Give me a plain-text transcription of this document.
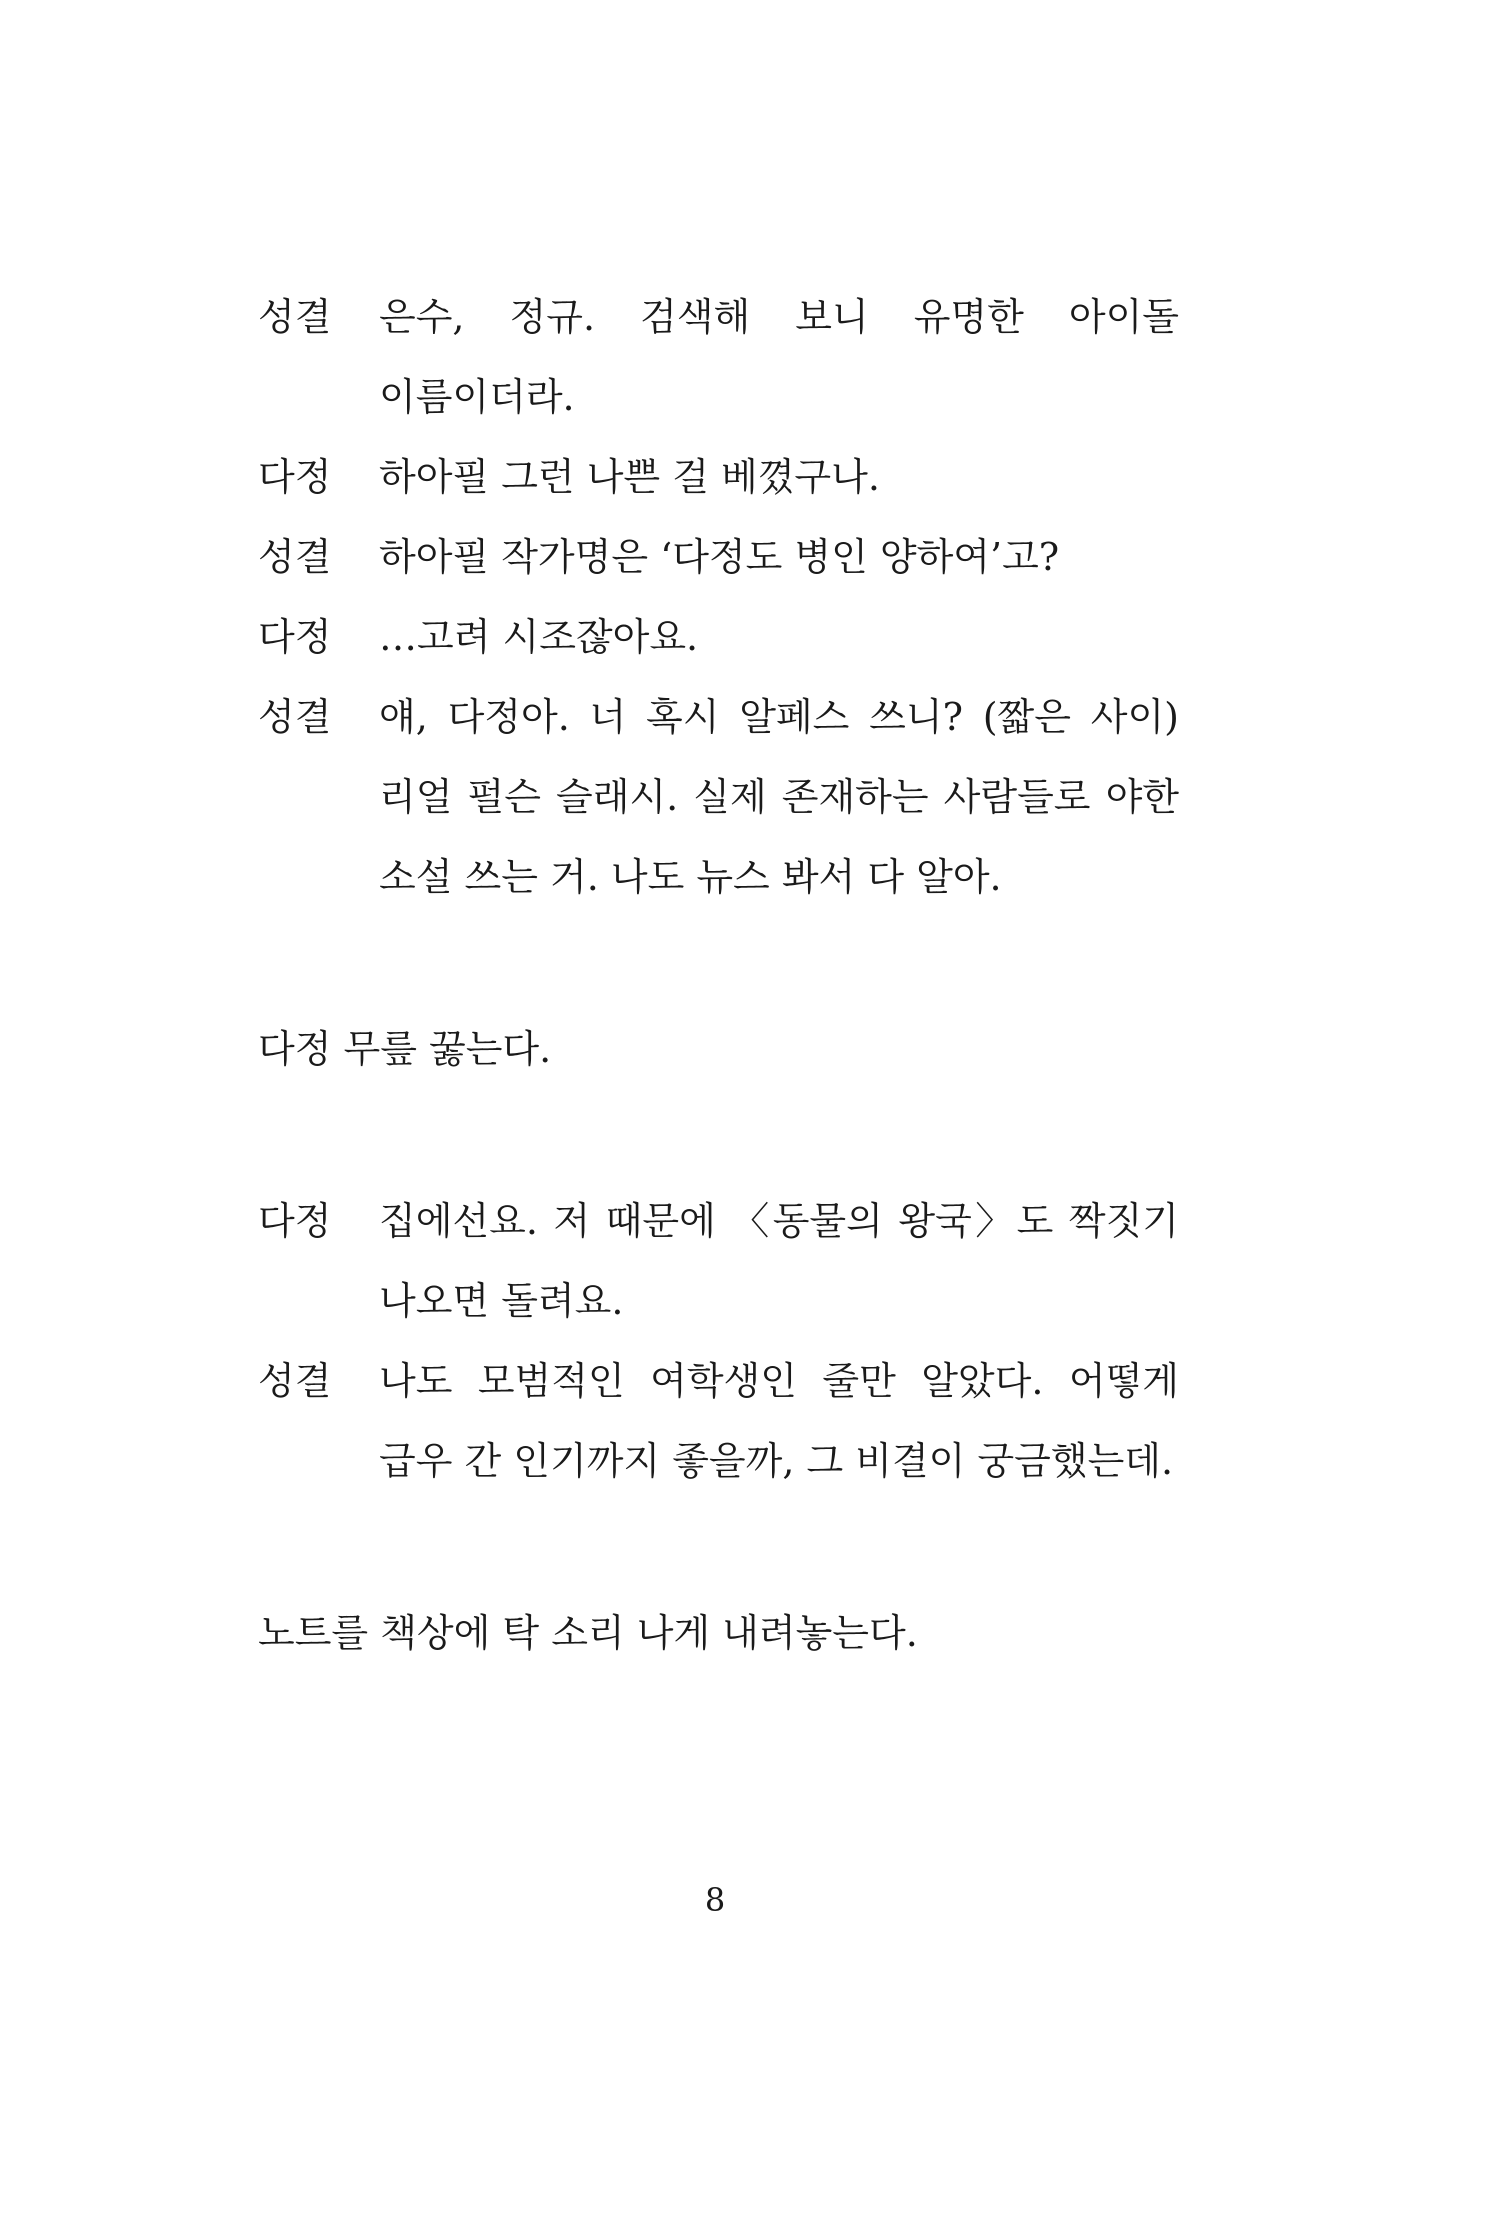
성결	은수, 정규. 검색해 보니 유명한 아이돌 이름이더라.
다정	하아필 그런 나쁜 걸 베꼈구나.
성결	하아필 작가명은 ‘다정도 병인 양하여’고?
다정	…고려 시조잖아요.
성결	얘, 다정아. 너 혹시 알페스 쓰니? (짧은 사이) 리얼 펄슨 슬래시. 실제 존재하는 사람들로 야한 소설 쓰는 거. 나도 뉴스 봐서 다 알아.
다정 무릎 꿇는다.
다정	집에선요. 저 때문에 〈동물의 왕국〉도 짝짓기 나오면 돌려요.
성결	나도 모범적인 여학생인 줄만 알았다. 어떻게 급우 간 인기까지 좋을까, 그 비결이 궁금했는데.
노트를 책상에 탁 소리 나게 내려놓는다.
8
